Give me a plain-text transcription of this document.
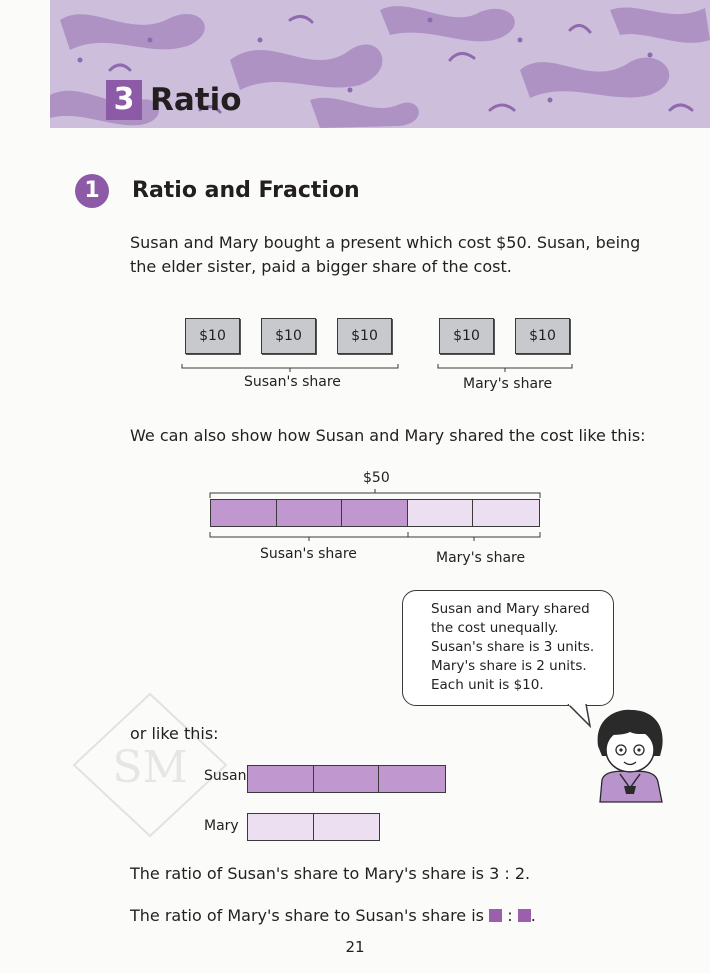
3 Ratio
1	Ratio and Fraction
Susan and Mary bought a present which cost $50. Susan, being the elder sister, paid a bigger share of the cost.
$10	$10	$10	$10	$10
Susan's share	Mary's share
We can also show how Susan and Mary shared the cost like this:
$50
Susan's share	Mary's share
Susan and Mary shared
the cost unequally.
Susan's share is 3 units.
Mary's share is 2 units.
Each unit is $10.
SM
or like this:
Susan
Mary
The ratio of Susan's share to Mary's share is 3 : 2.
The ratio of Mary's share to Susan's share is : .
21
